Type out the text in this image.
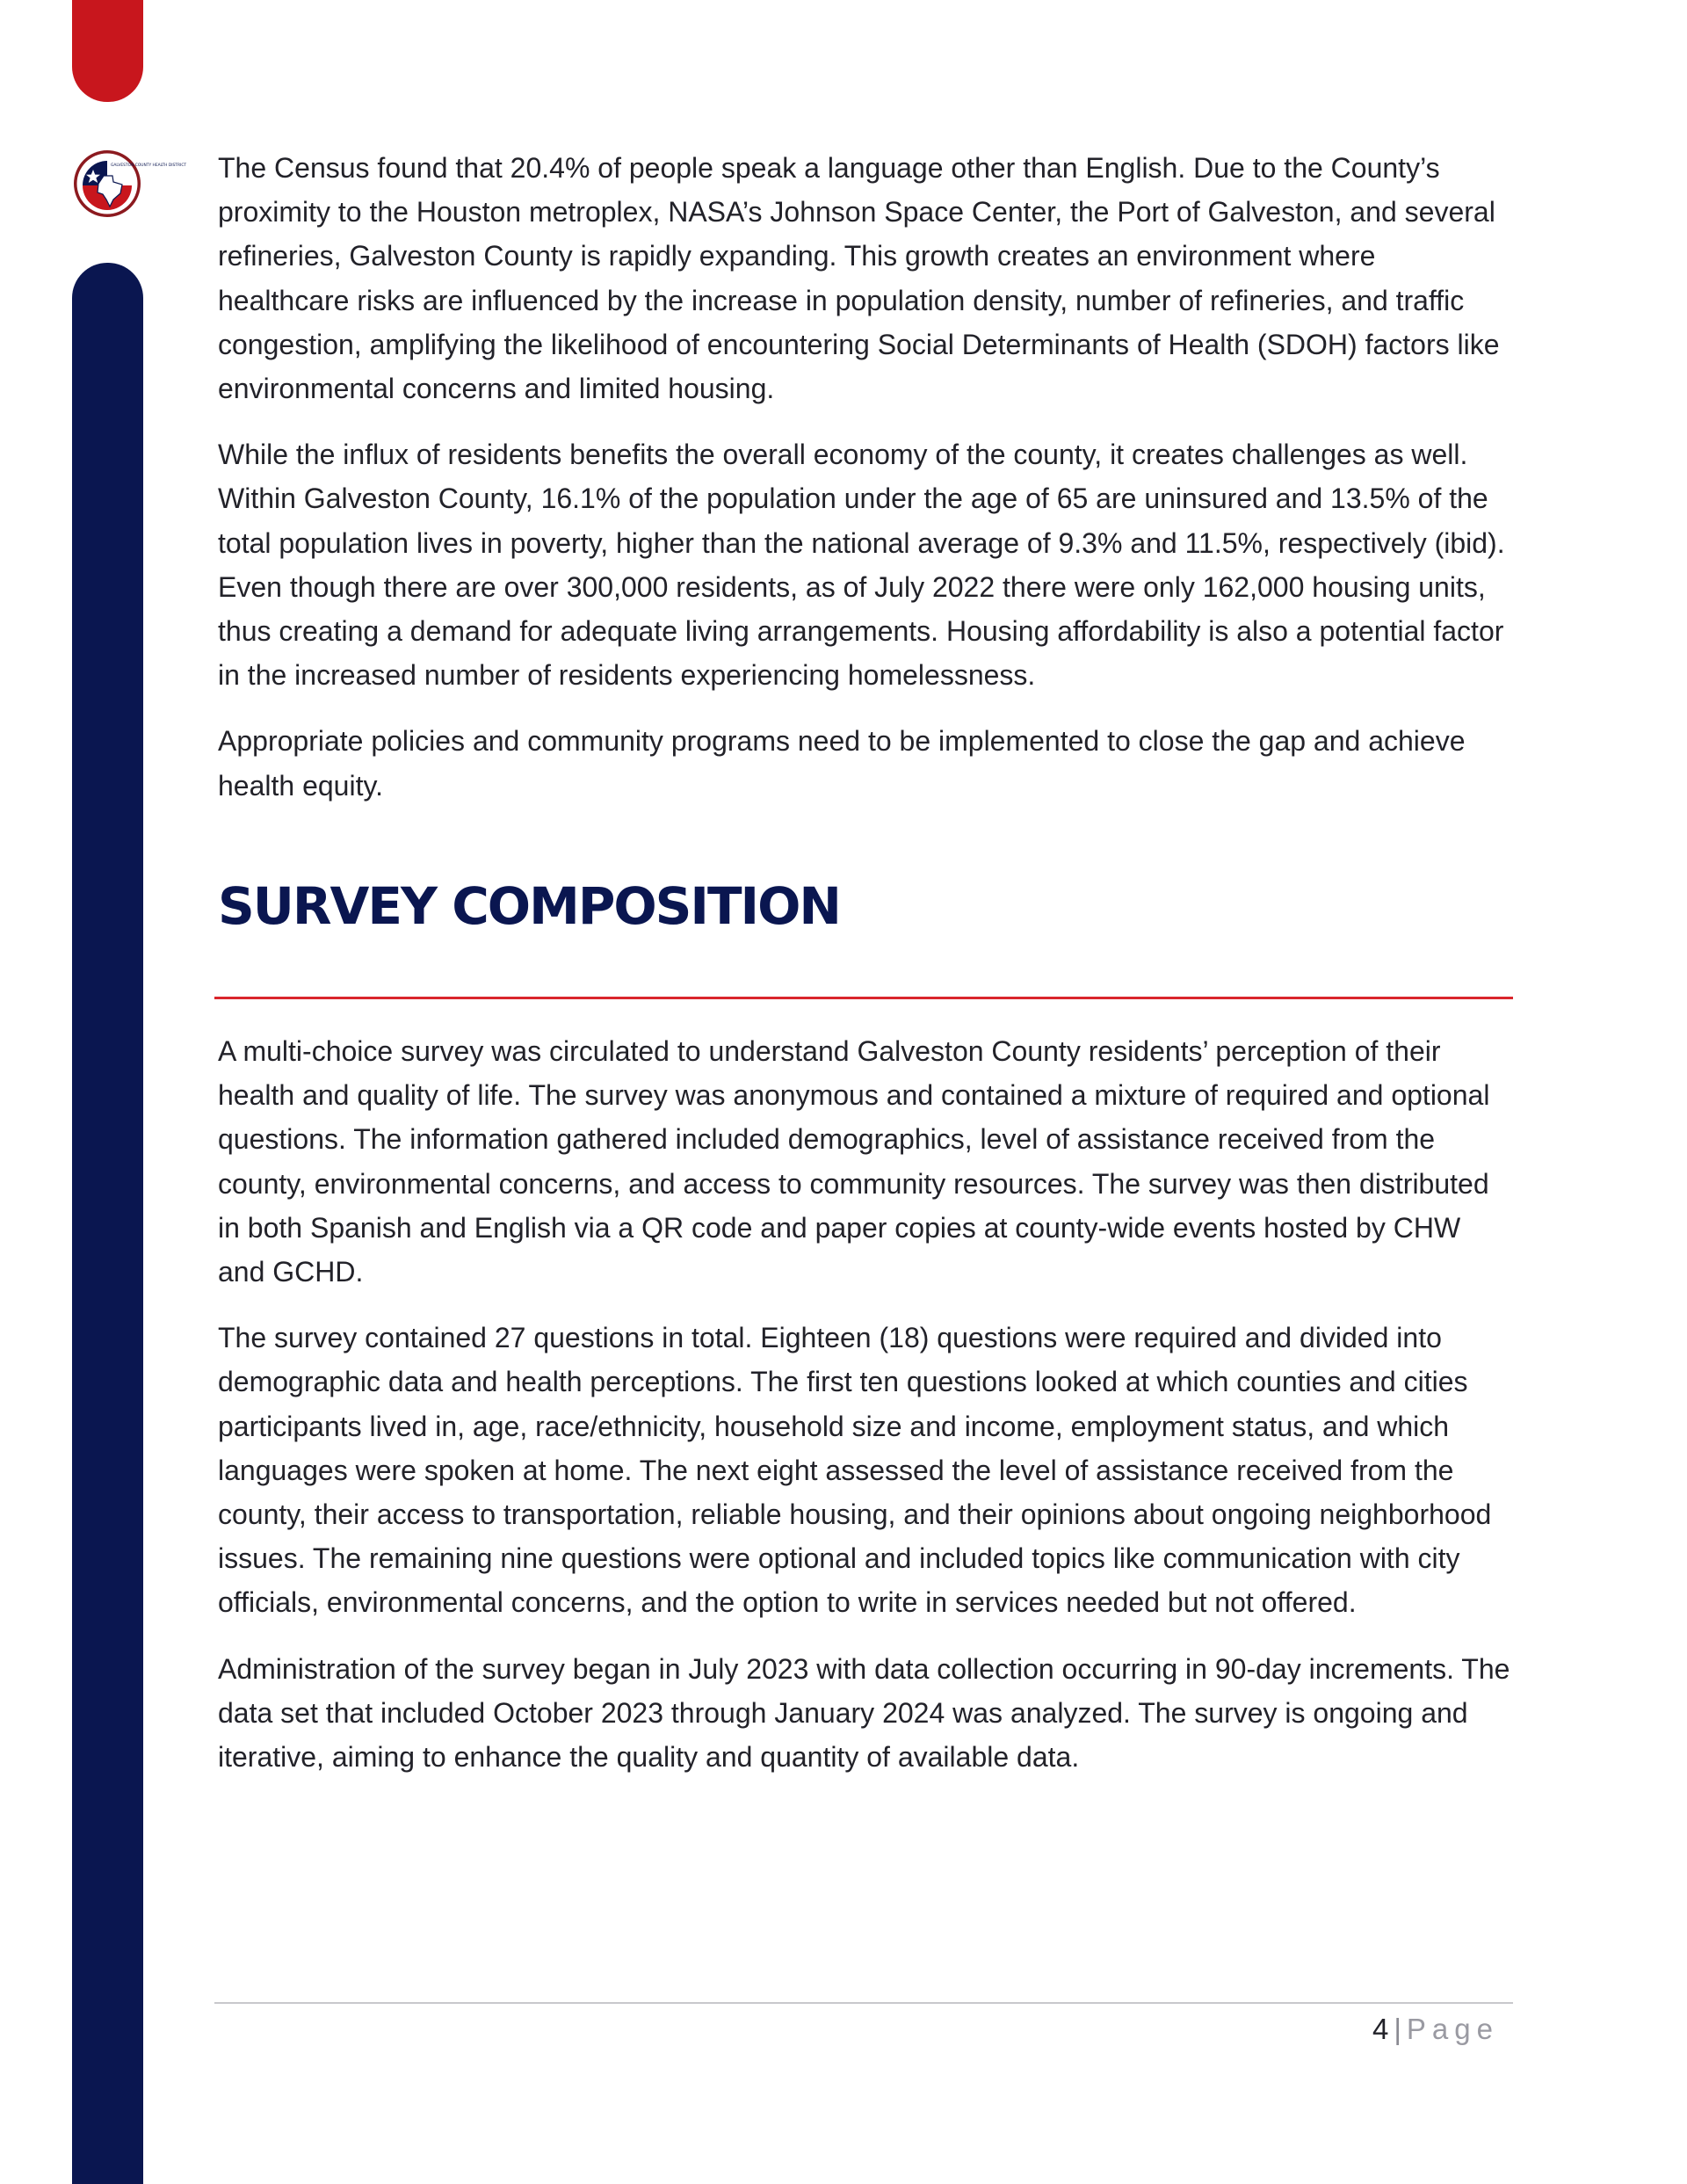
GALVESTON COUNTY HEALTH DISTRICT The Census found that 20.4% of people speak a language other than English. Due to the County’s proximity to the Houston metroplex, NASA’s Johnson Space Center, the Port of Galveston, and several refineries, Galveston County is rapidly expanding. This growth creates an environment where healthcare risks are influenced by the increase in population density, number of refineries, and traffic congestion, amplifying the likelihood of encountering Social Determinants of Health (SDOH) factors like environmental concerns and limited housing.

While the influx of residents benefits the overall economy of the county, it creates challenges as well. Within Galveston County, 16.1% of the population under the age of 65 are uninsured and 13.5% of the total population lives in poverty, higher than the national average of 9.3% and 11.5%, respectively (ibid). Even though there are over 300,000 residents, as of July 2022 there were only 162,000 housing units, thus creating a demand for adequate living arrangements. Housing affordability is also a potential factor in the increased number of residents experiencing homelessness.

Appropriate policies and community programs need to be implemented to close the gap and achieve health equity.

SURVEY COMPOSITION

A multi-choice survey was circulated to understand Galveston County residents’ perception of their health and quality of life. The survey was anonymous and contained a mixture of required and optional questions. The information gathered included demographics, level of assistance received from the county, environmental concerns, and access to community resources. The survey was then distributed in both Spanish and English via a QR code and paper copies at county-wide events hosted by CHW and GCHD.

The survey contained 27 questions in total. Eighteen (18) questions were required and divided into demographic data and health perceptions. The first ten questions looked at which counties and cities participants lived in, age, race/ethnicity, household size and income, employment status, and which languages were spoken at home. The next eight assessed the level of assistance received from the county, their access to transportation, reliable housing, and their opinions about ongoing neighborhood issues. The remaining nine questions were optional and included topics like communication with city officials, environmental concerns, and the option to write in services needed but not offered.

Administration of the survey began in July 2023 with data collection occurring in 90-day increments. The data set that included October 2023 through January 2024 was analyzed. The survey is ongoing and iterative, aiming to enhance the quality and quantity of available data.

4 | Page
